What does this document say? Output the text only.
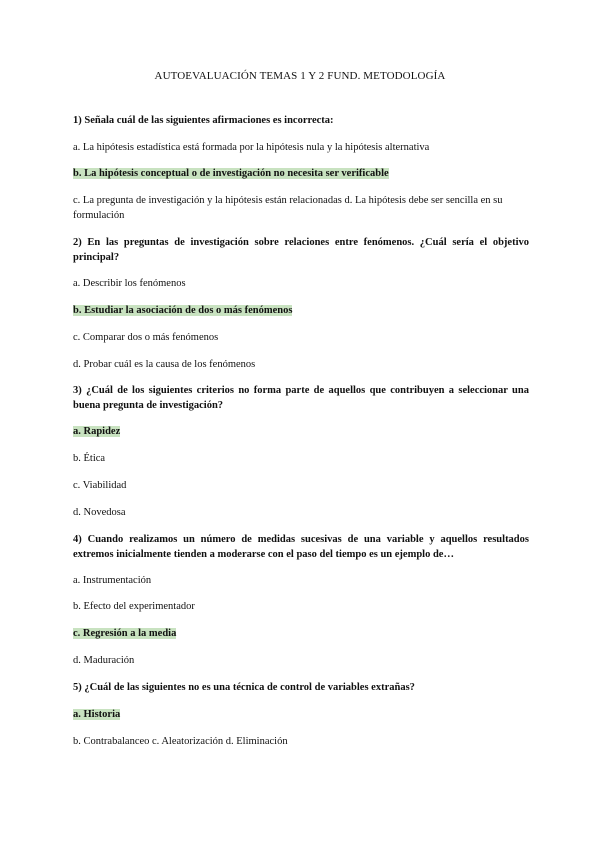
AUTOEVALUACIÓN TEMAS 1 Y 2 FUND. METODOLOGÍA
1) Señala cuál de las siguientes afirmaciones es incorrecta:
a. La hipótesis estadística está formada por la hipótesis nula y la hipótesis alternativa
b. La hipótesis conceptual o de investigación no necesita ser verificable
c. La pregunta de investigación y la hipótesis están relacionadas d. La hipótesis debe ser sencilla en su formulación
2) En las preguntas de investigación sobre relaciones entre fenómenos. ¿Cuál sería el objetivo principal?
a. Describir los fenómenos
b. Estudiar la asociación de dos o más fenómenos
c. Comparar dos o más fenómenos
d. Probar cuál es la causa de los fenómenos
3) ¿Cuál de los siguientes criterios no forma parte de aquellos que contribuyen a seleccionar una buena pregunta de investigación?
a. Rapidez
b. Ética
c. Viabilidad
d. Novedosa
4) Cuando realizamos un número de medidas sucesivas de una variable y aquellos resultados extremos inicialmente tienden a moderarse con el paso del tiempo es un ejemplo de…
a. Instrumentación
b. Efecto del experimentador
c. Regresión a la media
d. Maduración
5) ¿Cuál de las siguientes no es una técnica de control de variables extrañas?
a. Historia
b. Contrabalanceo c. Aleatorización d. Eliminación
